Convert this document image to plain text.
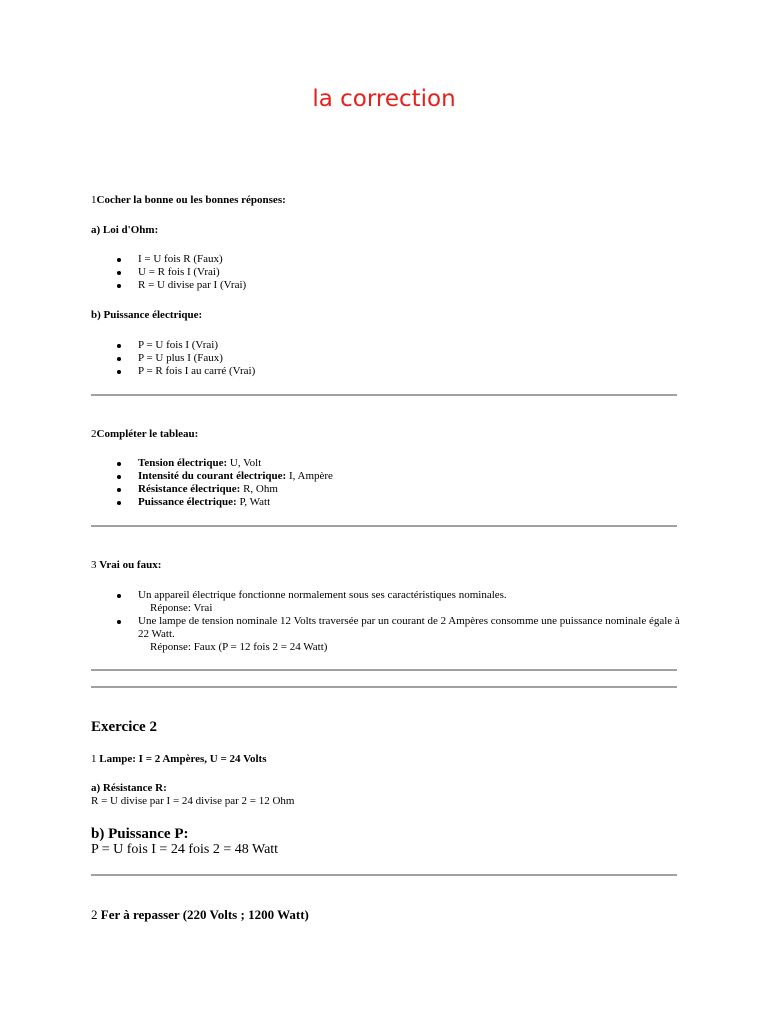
la correction
1Cocher la bonne ou les bonnes réponses:
a) Loi d'Ohm:
I = U fois R (Faux)
U = R fois I (Vrai)
R = U divise par I (Vrai)
b) Puissance électrique:
P = U fois I (Vrai)
P = U plus I (Faux)
P = R fois I au carré (Vrai)
2Compléter le tableau:
Tension électrique: U, Volt
Intensité du courant électrique: I, Ampère
Résistance électrique: R, Ohm
Puissance électrique: P, Watt
3 Vrai ou faux:
Un appareil électrique fonctionne normalement sous ses caractéristiques nominales.
Réponse: Vrai
Une lampe de tension nominale 12 Volts traversée par un courant de 2 Ampères consomme une puissance nominale égale à 22 Watt.
Réponse: Faux (P = 12 fois 2 = 24 Watt)
Exercice 2
1 Lampe: I = 2 Ampères, U = 24 Volts
a) Résistance R:
R = U divise par I = 24 divise par 2 = 12 Ohm
b) Puissance P:
P = U fois I = 24 fois 2 = 48 Watt
2 Fer à repasser (220 Volts ; 1200 Watt)
